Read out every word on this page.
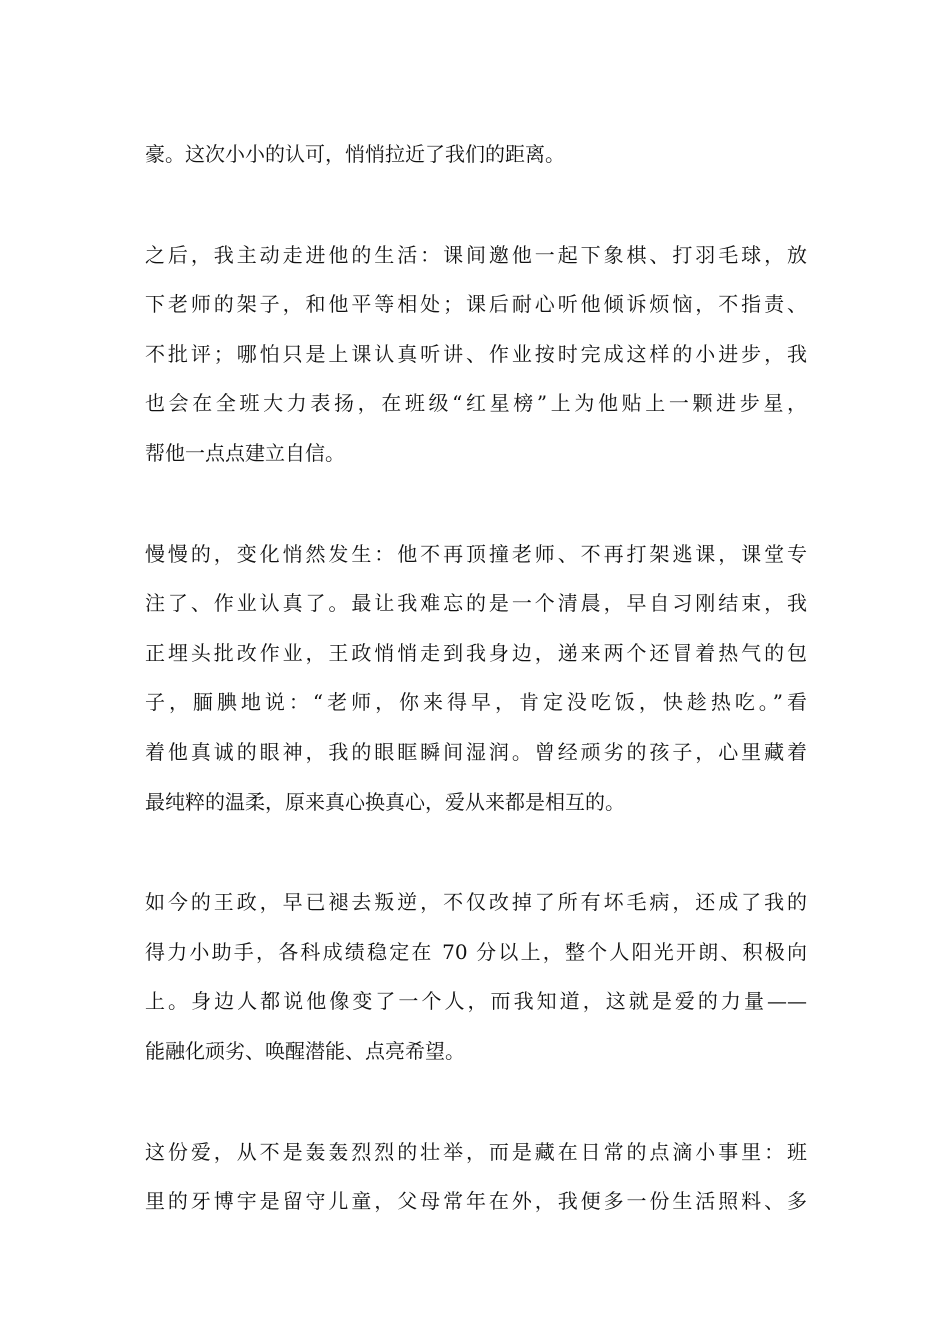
豪。这次小小的认可，悄悄拉近了我们的距离。
之后，我主动走进他的生活：课间邀他一起下象棋、打羽毛球，放
下老师的架子，和他平等相处；课后耐心听他倾诉烦恼，不指责、
不批评；哪怕只是上课认真听讲、作业按时完成这样的小进步，我
也会在全班大力表扬，在班级“红星榜”上为他贴上一颗进步星，
帮他一点点建立自信。
慢慢的，变化悄然发生：他不再顶撞老师、不再打架逃课，课堂专
注了、作业认真了。最让我难忘的是一个清晨，早自习刚结束，我
正埋头批改作业，王政悄悄走到我身边，递来两个还冒着热气的包
子，腼腆地说：“老师，你来得早，肯定没吃饭，快趁热吃。”看
着他真诚的眼神，我的眼眶瞬间湿润。曾经顽劣的孩子，心里藏着
最纯粹的温柔，原来真心换真心，爱从来都是相互的。
如今的王政，早已褪去叛逆，不仅改掉了所有坏毛病，还成了我的
得力小助手，各科成绩稳定在 70 分以上，整个人阳光开朗、积极向
上。身边人都说他像变了一个人，而我知道，这就是爱的力量——
能融化顽劣、唤醒潜能、点亮希望。
这份爱，从不是轰轰烈烈的壮举，而是藏在日常的点滴小事里：班
里的牙博宇是留守儿童，父母常年在外，我便多一份生活照料、多
